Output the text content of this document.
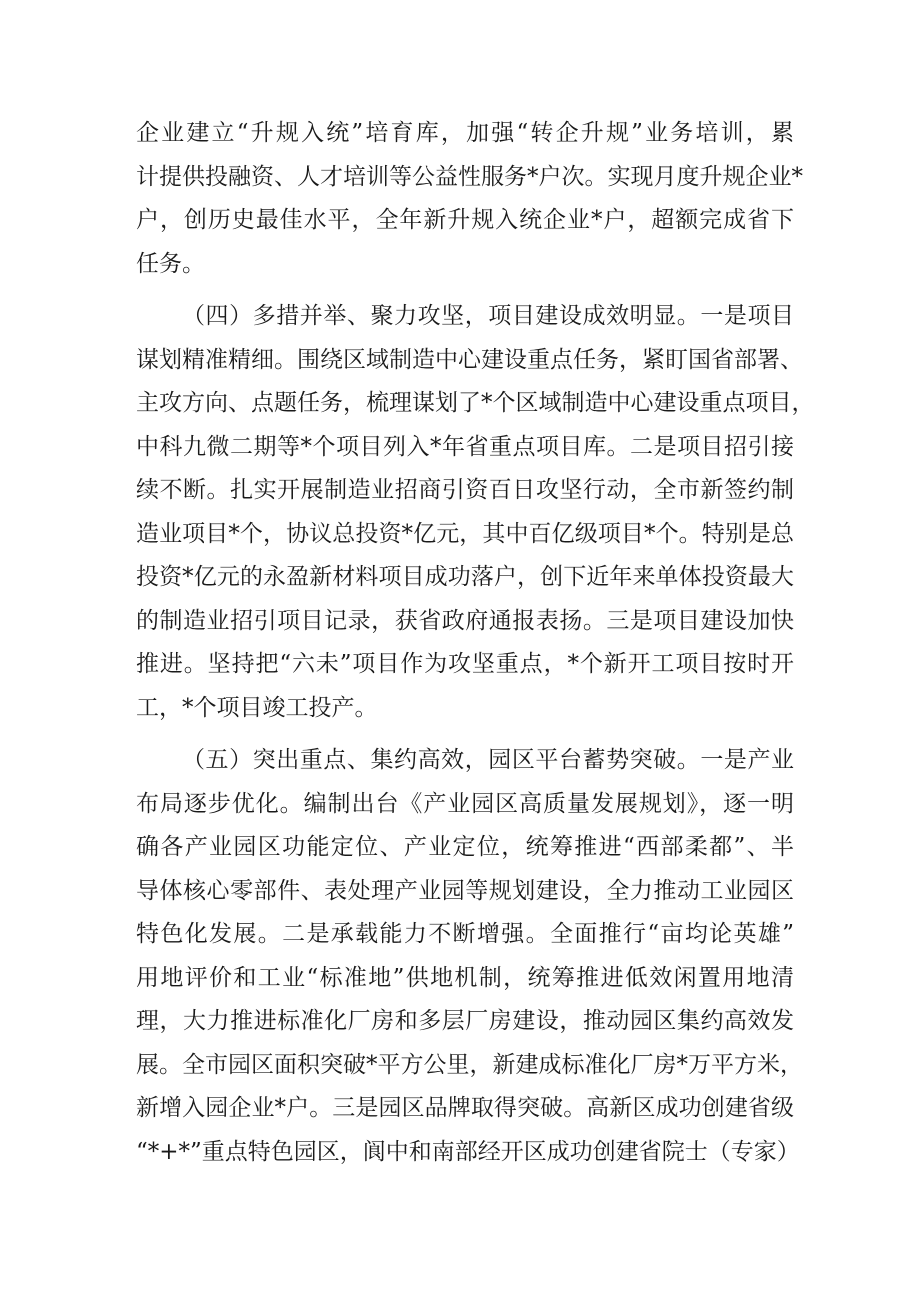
企业建立“升规入统”培育库，加强“转企升规”业务培训，累
计提供投融资、人才培训等公益性服务*户次。实现月度升规企业*
户，创历史最佳水平，全年新升规入统企业*户，超额完成省下
任务。
（四）多措并举、聚力攻坚，项目建设成效明显。一是项目
谋划精准精细。围绕区域制造中心建设重点任务，紧盯国省部署、
主攻方向、点题任务，梳理谋划了*个区域制造中心建设重点项目，
中科九微二期等*个项目列入*年省重点项目库。二是项目招引接
续不断。扎实开展制造业招商引资百日攻坚行动，全市新签约制
造业项目*个，协议总投资*亿元，其中百亿级项目*个。特别是总
投资*亿元的永盈新材料项目成功落户，创下近年来单体投资最大
的制造业招引项目记录，获省政府通报表扬。三是项目建设加快
推进。坚持把“六未”项目作为攻坚重点，*个新开工项目按时开
工，*个项目竣工投产。
（五）突出重点、集约高效，园区平台蓄势突破。一是产业
布局逐步优化。编制出台《产业园区高质量发展规划》，逐一明
确各产业园区功能定位、产业定位，统筹推进“西部柔都”、半
导体核心零部件、表处理产业园等规划建设，全力推动工业园区
特色化发展。二是承载能力不断增强。全面推行“亩均论英雄”
用地评价和工业“标准地”供地机制，统筹推进低效闲置用地清
理，大力推进标准化厂房和多层厂房建设，推动园区集约高效发
展。全市园区面积突破*平方公里，新建成标准化厂房*万平方米，
新增入园企业*户。三是园区品牌取得突破。高新区成功创建省级
“*+*”重点特色园区，阆中和南部经开区成功创建省院士（专家）
